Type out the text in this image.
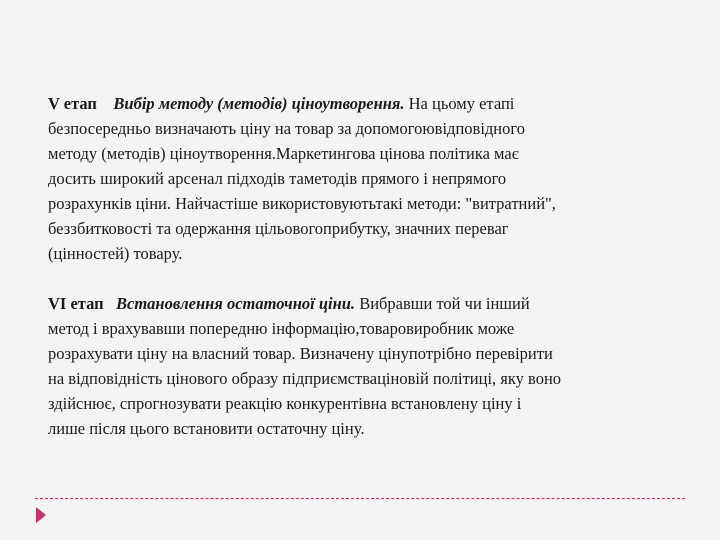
V етап Вибір методу (методів) ціноутворення. На цьому етапі

безпосередньо визначають ціну на товар за допомогоювідповідного

методу (методів) ціноутворення.Маркетингова цінова політика має

досить широкий арсенал підходів таметодів прямого і непрямого

розрахунків ціни. Найчастіше використовуютьтакі методи: "витратний",

беззбитковості та одержання цільовогоприбутку, значних переваг

(цінностей) товару.

VI етап Встановлення остаточної ціни. Вибравши той чи інший

метод і врахувавши попередню інформацію,товаровиробник може

розрахувати ціну на власний товар. Визначену цінупотрібно перевірити

на відповідність цінового образу підприємстваціновій політиці, яку воно

здійснює, спрогнозувати реакцію конкурентівна встановлену ціну і

лише після цього встановити остаточну ціну.
